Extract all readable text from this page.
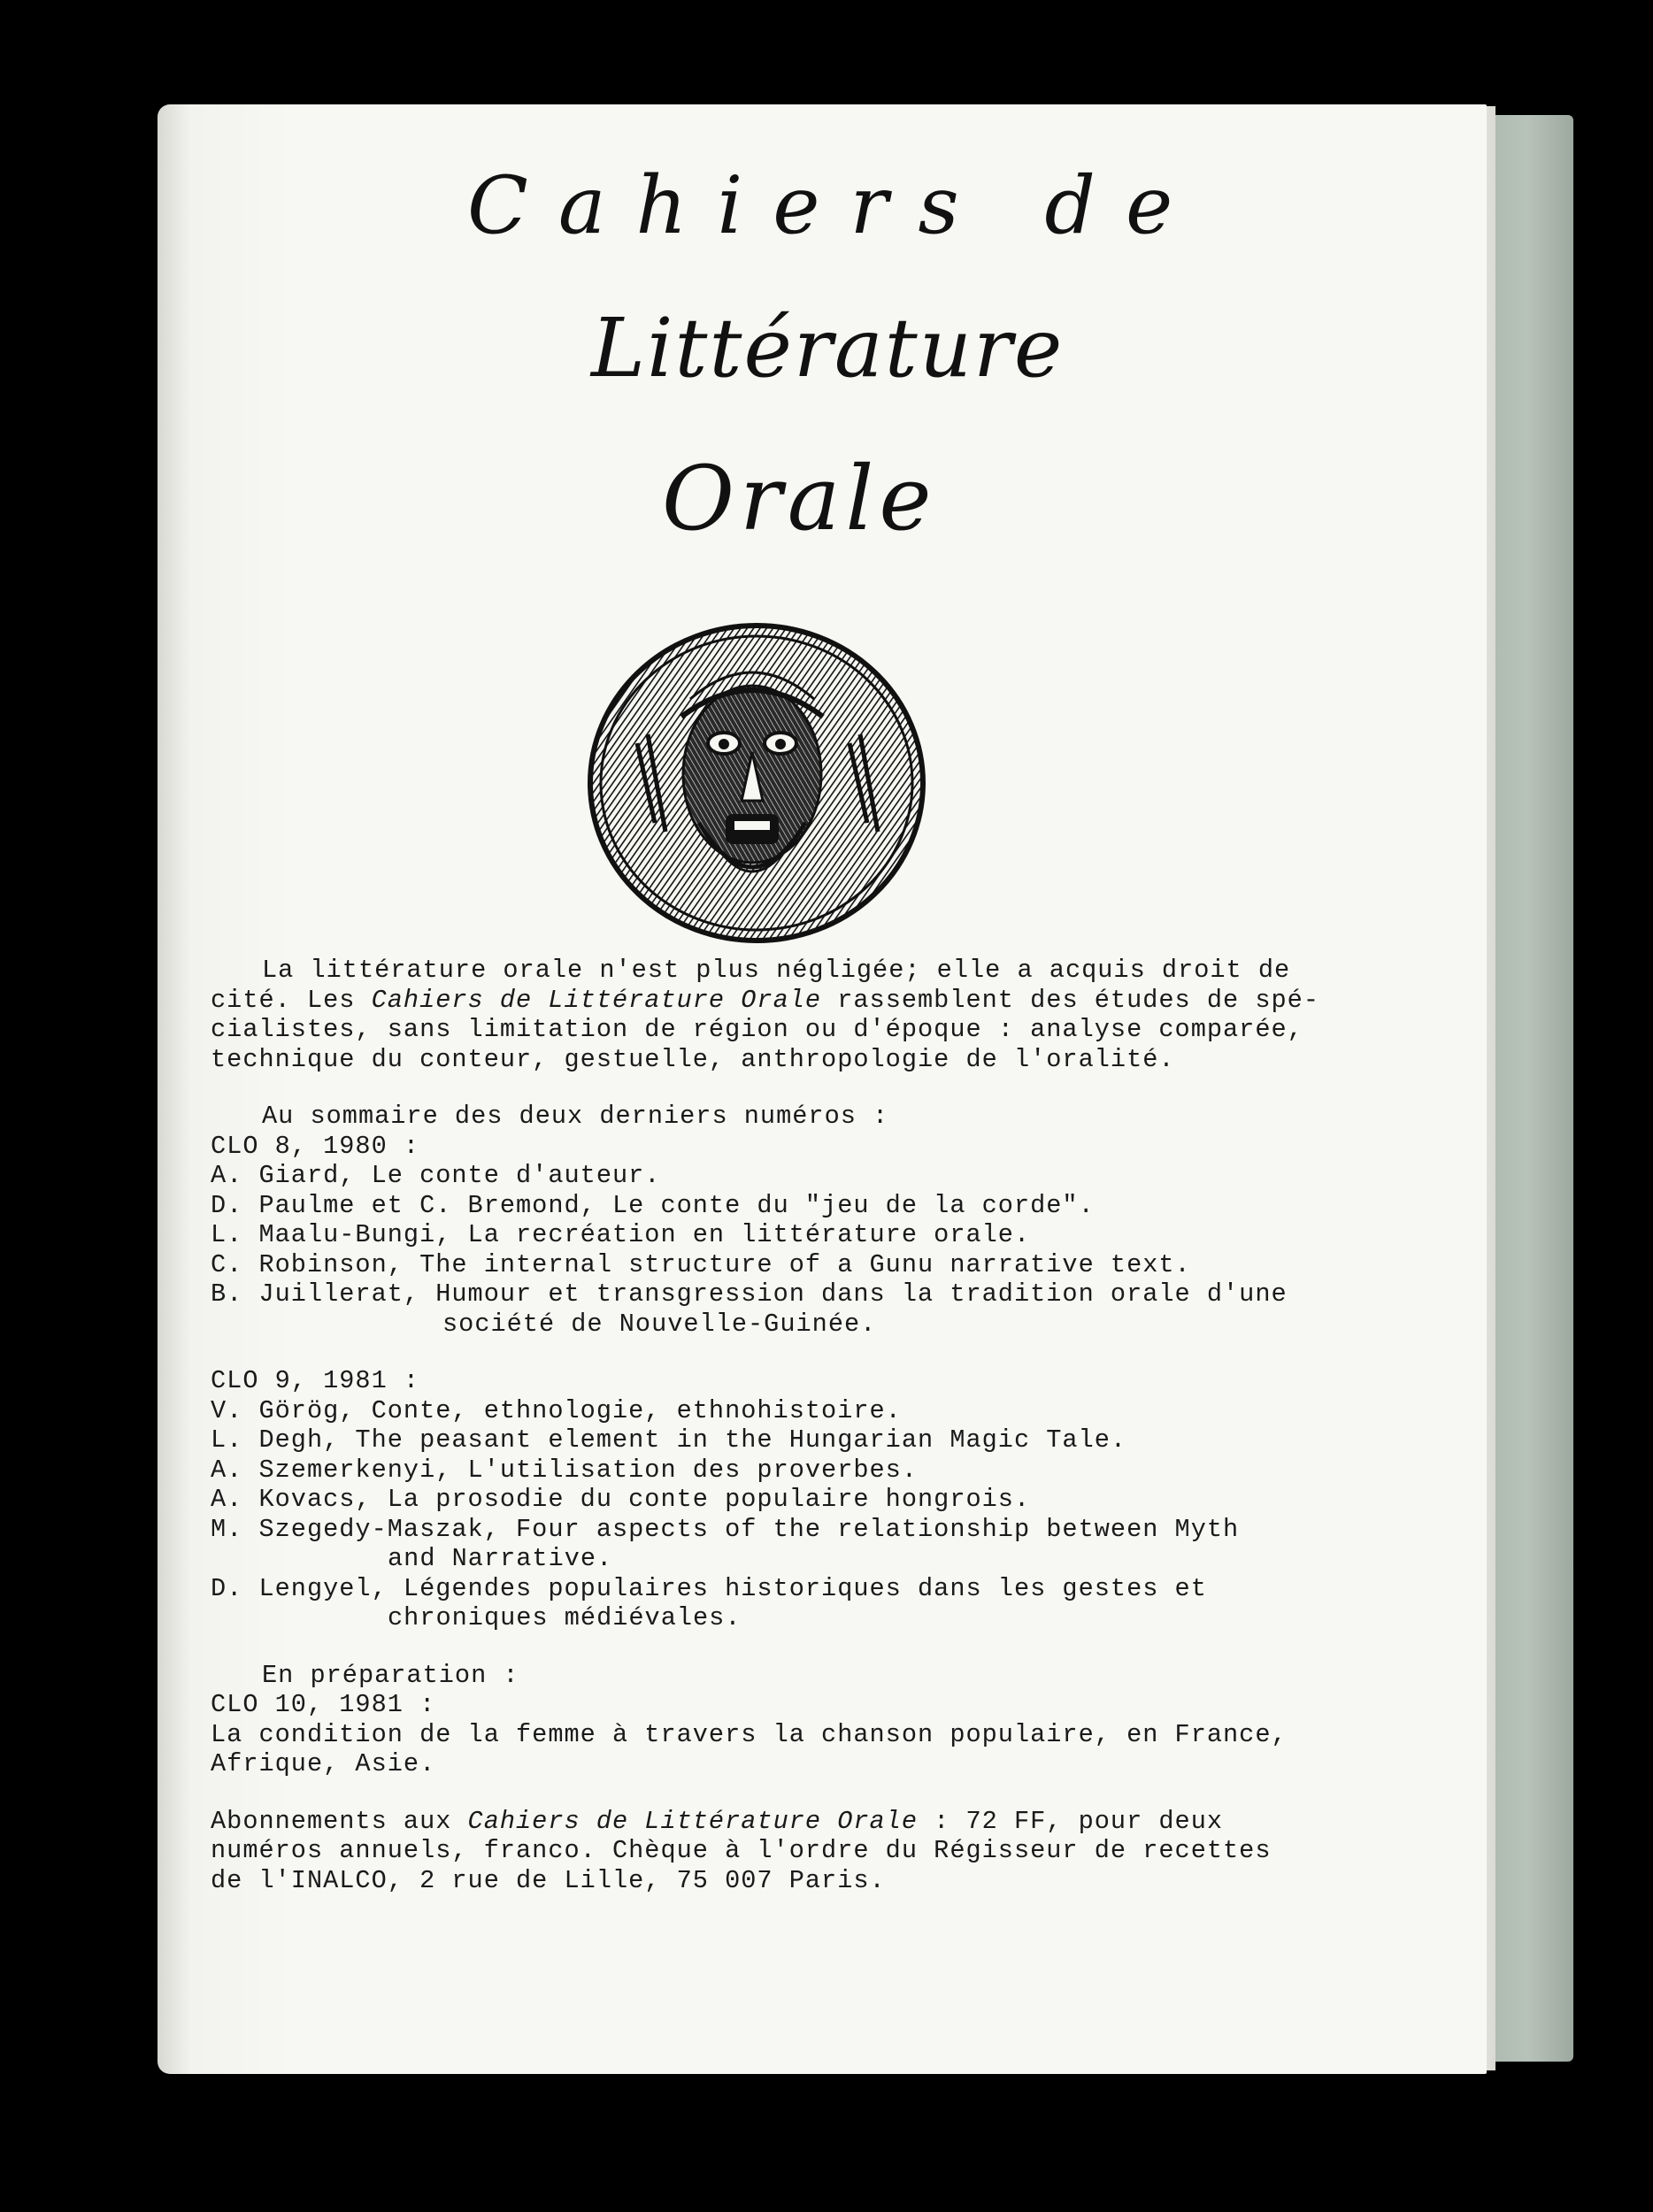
Cahiers de
Littérature
Orale
La littérature orale n'est plus négligée; elle a acquis droit de
cité. Les Cahiers de Littérature Orale rassemblent des études de spé-
cialistes, sans limitation de région ou d'époque : analyse comparée,
technique du conteur, gestuelle, anthropologie de l'oralité.
Au sommaire des deux derniers numéros :
CLO 8, 1980 :
A. Giard, Le conte d'auteur.
D. Paulme et C. Bremond, Le conte du "jeu de la corde".
L. Maalu-Bungi, La recréation en littérature orale.
C. Robinson, The internal structure of a Gunu narrative text.
B. Juillerat, Humour et transgression dans la tradition orale d'une
société de Nouvelle-Guinée.
CLO 9, 1981 :
V. Görög, Conte, ethnologie, ethnohistoire.
L. Degh, The peasant element in the Hungarian Magic Tale.
A. Szemerkenyi, L'utilisation des proverbes.
A. Kovacs, La prosodie du conte populaire hongrois.
M. Szegedy-Maszak, Four aspects of the relationship between Myth
and Narrative.
D. Lengyel, Légendes populaires historiques dans les gestes et
chroniques médiévales.
En préparation :
CLO 10, 1981 :
La condition de la femme à travers la chanson populaire, en France,
Afrique, Asie.
Abonnements aux Cahiers de Littérature Orale : 72 FF, pour deux
numéros annuels, franco. Chèque à l'ordre du Régisseur de recettes
de l'INALCO, 2 rue de Lille, 75 007 Paris.
